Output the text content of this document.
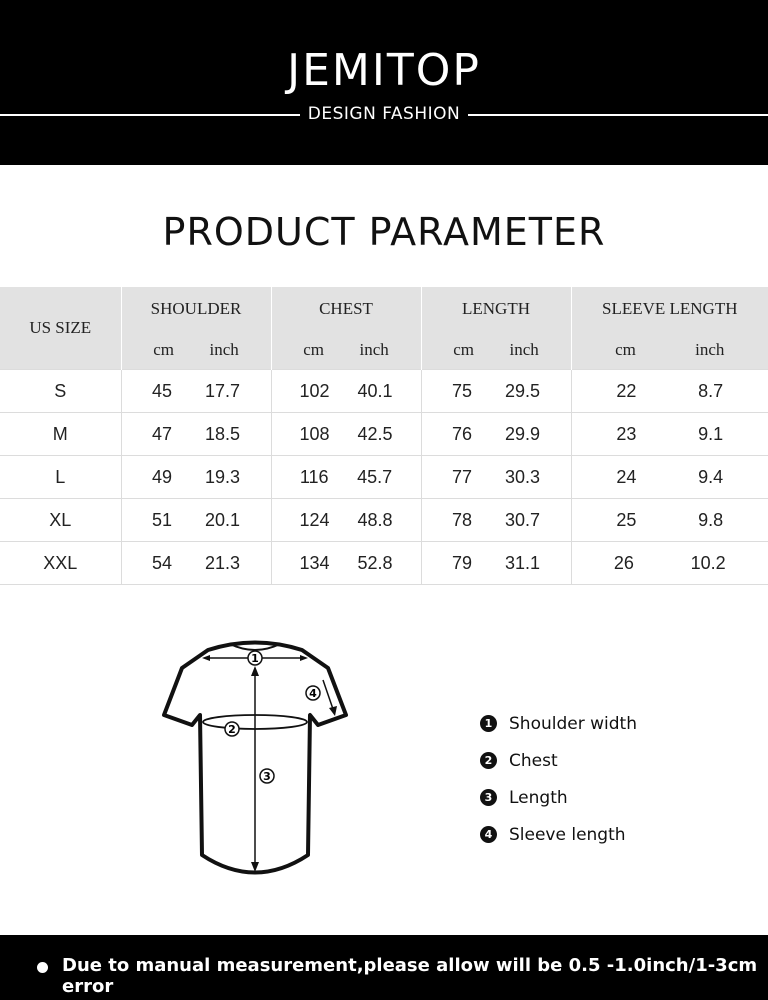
JEMITOP
DESIGN FASHION
PRODUCT PARAMETER
US SIZE	SHOULDER	CHEST	LENGTH	SLEEVE LENGTH

	cm inch	cm inch	cm inch	cm inch

S	45 17.7	102 40.1	75 29.5	22 8.7

M	47 18.5	108 42.5	76 29.9	23 9.1

L	49 19.3	116 45.7	77 30.3	24 9.4

XL	51 20.1	124 48.8	78 30.7	25 9.8

XXL	54 21.3	134 52.8	79 31.1	26 10.2
1
2
3
4
1 Shoulder width
2 Chest
3 Length
4 Sleeve length
Due to manual measurement,please allow will be 0.5 -1.0inch/1-3cm error
